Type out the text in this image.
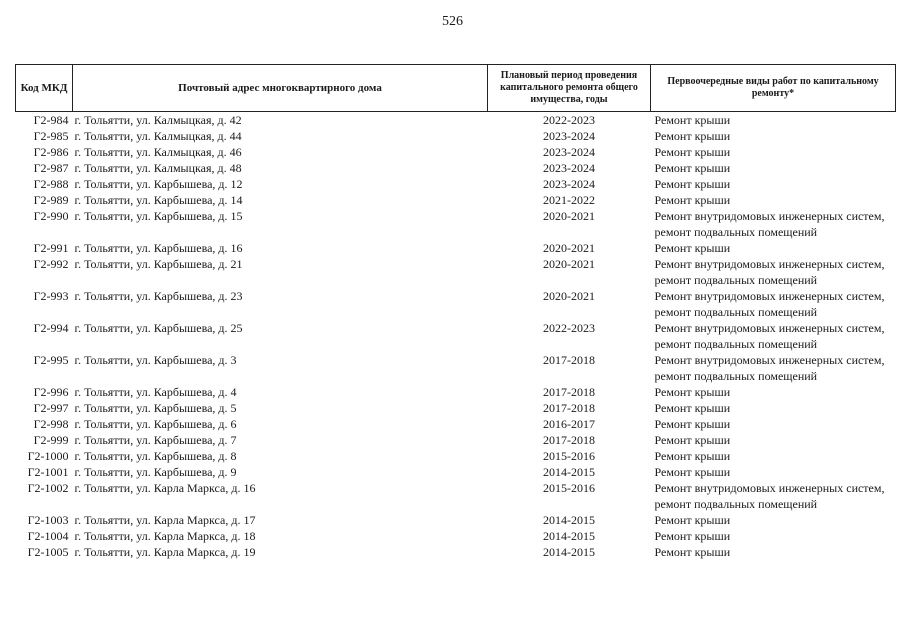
526
Код МКД	Почтовый адрес многоквартирного дома	Плановый период проведения капитального ремонта общего имущества, годы	Первоочередные виды работ по капитальному ремонту*
Г2-984	г. Тольятти, ул. Калмыцкая, д. 42	2022-2023	Ремонт крыши
Г2-985	г. Тольятти, ул. Калмыцкая, д. 44	2023-2024	Ремонт крыши
Г2-986	г. Тольятти, ул. Калмыцкая, д. 46	2023-2024	Ремонт крыши
Г2-987	г. Тольятти, ул. Калмыцкая, д. 48	2023-2024	Ремонт крыши
Г2-988	г. Тольятти, ул. Карбышева, д. 12	2023-2024	Ремонт крыши
Г2-989	г. Тольятти, ул. Карбышева, д. 14	2021-2022	Ремонт крыши
Г2-990	г. Тольятти, ул. Карбышева, д. 15	2020-2021	Ремонт внутридомовых инженерных систем, ремонт подвальных помещений
Г2-991	г. Тольятти, ул. Карбышева, д. 16	2020-2021	Ремонт крыши
Г2-992	г. Тольятти, ул. Карбышева, д. 21	2020-2021	Ремонт внутридомовых инженерных систем, ремонт подвальных помещений
Г2-993	г. Тольятти, ул. Карбышева, д. 23	2020-2021	Ремонт внутридомовых инженерных систем, ремонт подвальных помещений
Г2-994	г. Тольятти, ул. Карбышева, д. 25	2022-2023	Ремонт внутридомовых инженерных систем, ремонт подвальных помещений
Г2-995	г. Тольятти, ул. Карбышева, д. 3	2017-2018	Ремонт внутридомовых инженерных систем, ремонт подвальных помещений
Г2-996	г. Тольятти, ул. Карбышева, д. 4	2017-2018	Ремонт крыши
Г2-997	г. Тольятти, ул. Карбышева, д. 5	2017-2018	Ремонт крыши
Г2-998	г. Тольятти, ул. Карбышева, д. 6	2016-2017	Ремонт крыши
Г2-999	г. Тольятти, ул. Карбышева, д. 7	2017-2018	Ремонт крыши
Г2-1000	г. Тольятти, ул. Карбышева, д. 8	2015-2016	Ремонт крыши
Г2-1001	г. Тольятти, ул. Карбышева, д. 9	2014-2015	Ремонт крыши
Г2-1002	г. Тольятти, ул. Карла Маркса, д. 16	2015-2016	Ремонт внутридомовых инженерных систем, ремонт подвальных помещений
Г2-1003	г. Тольятти, ул. Карла Маркса, д. 17	2014-2015	Ремонт крыши
Г2-1004	г. Тольятти, ул. Карла Маркса, д. 18	2014-2015	Ремонт крыши
Г2-1005	г. Тольятти, ул. Карла Маркса, д. 19	2014-2015	Ремонт крыши
